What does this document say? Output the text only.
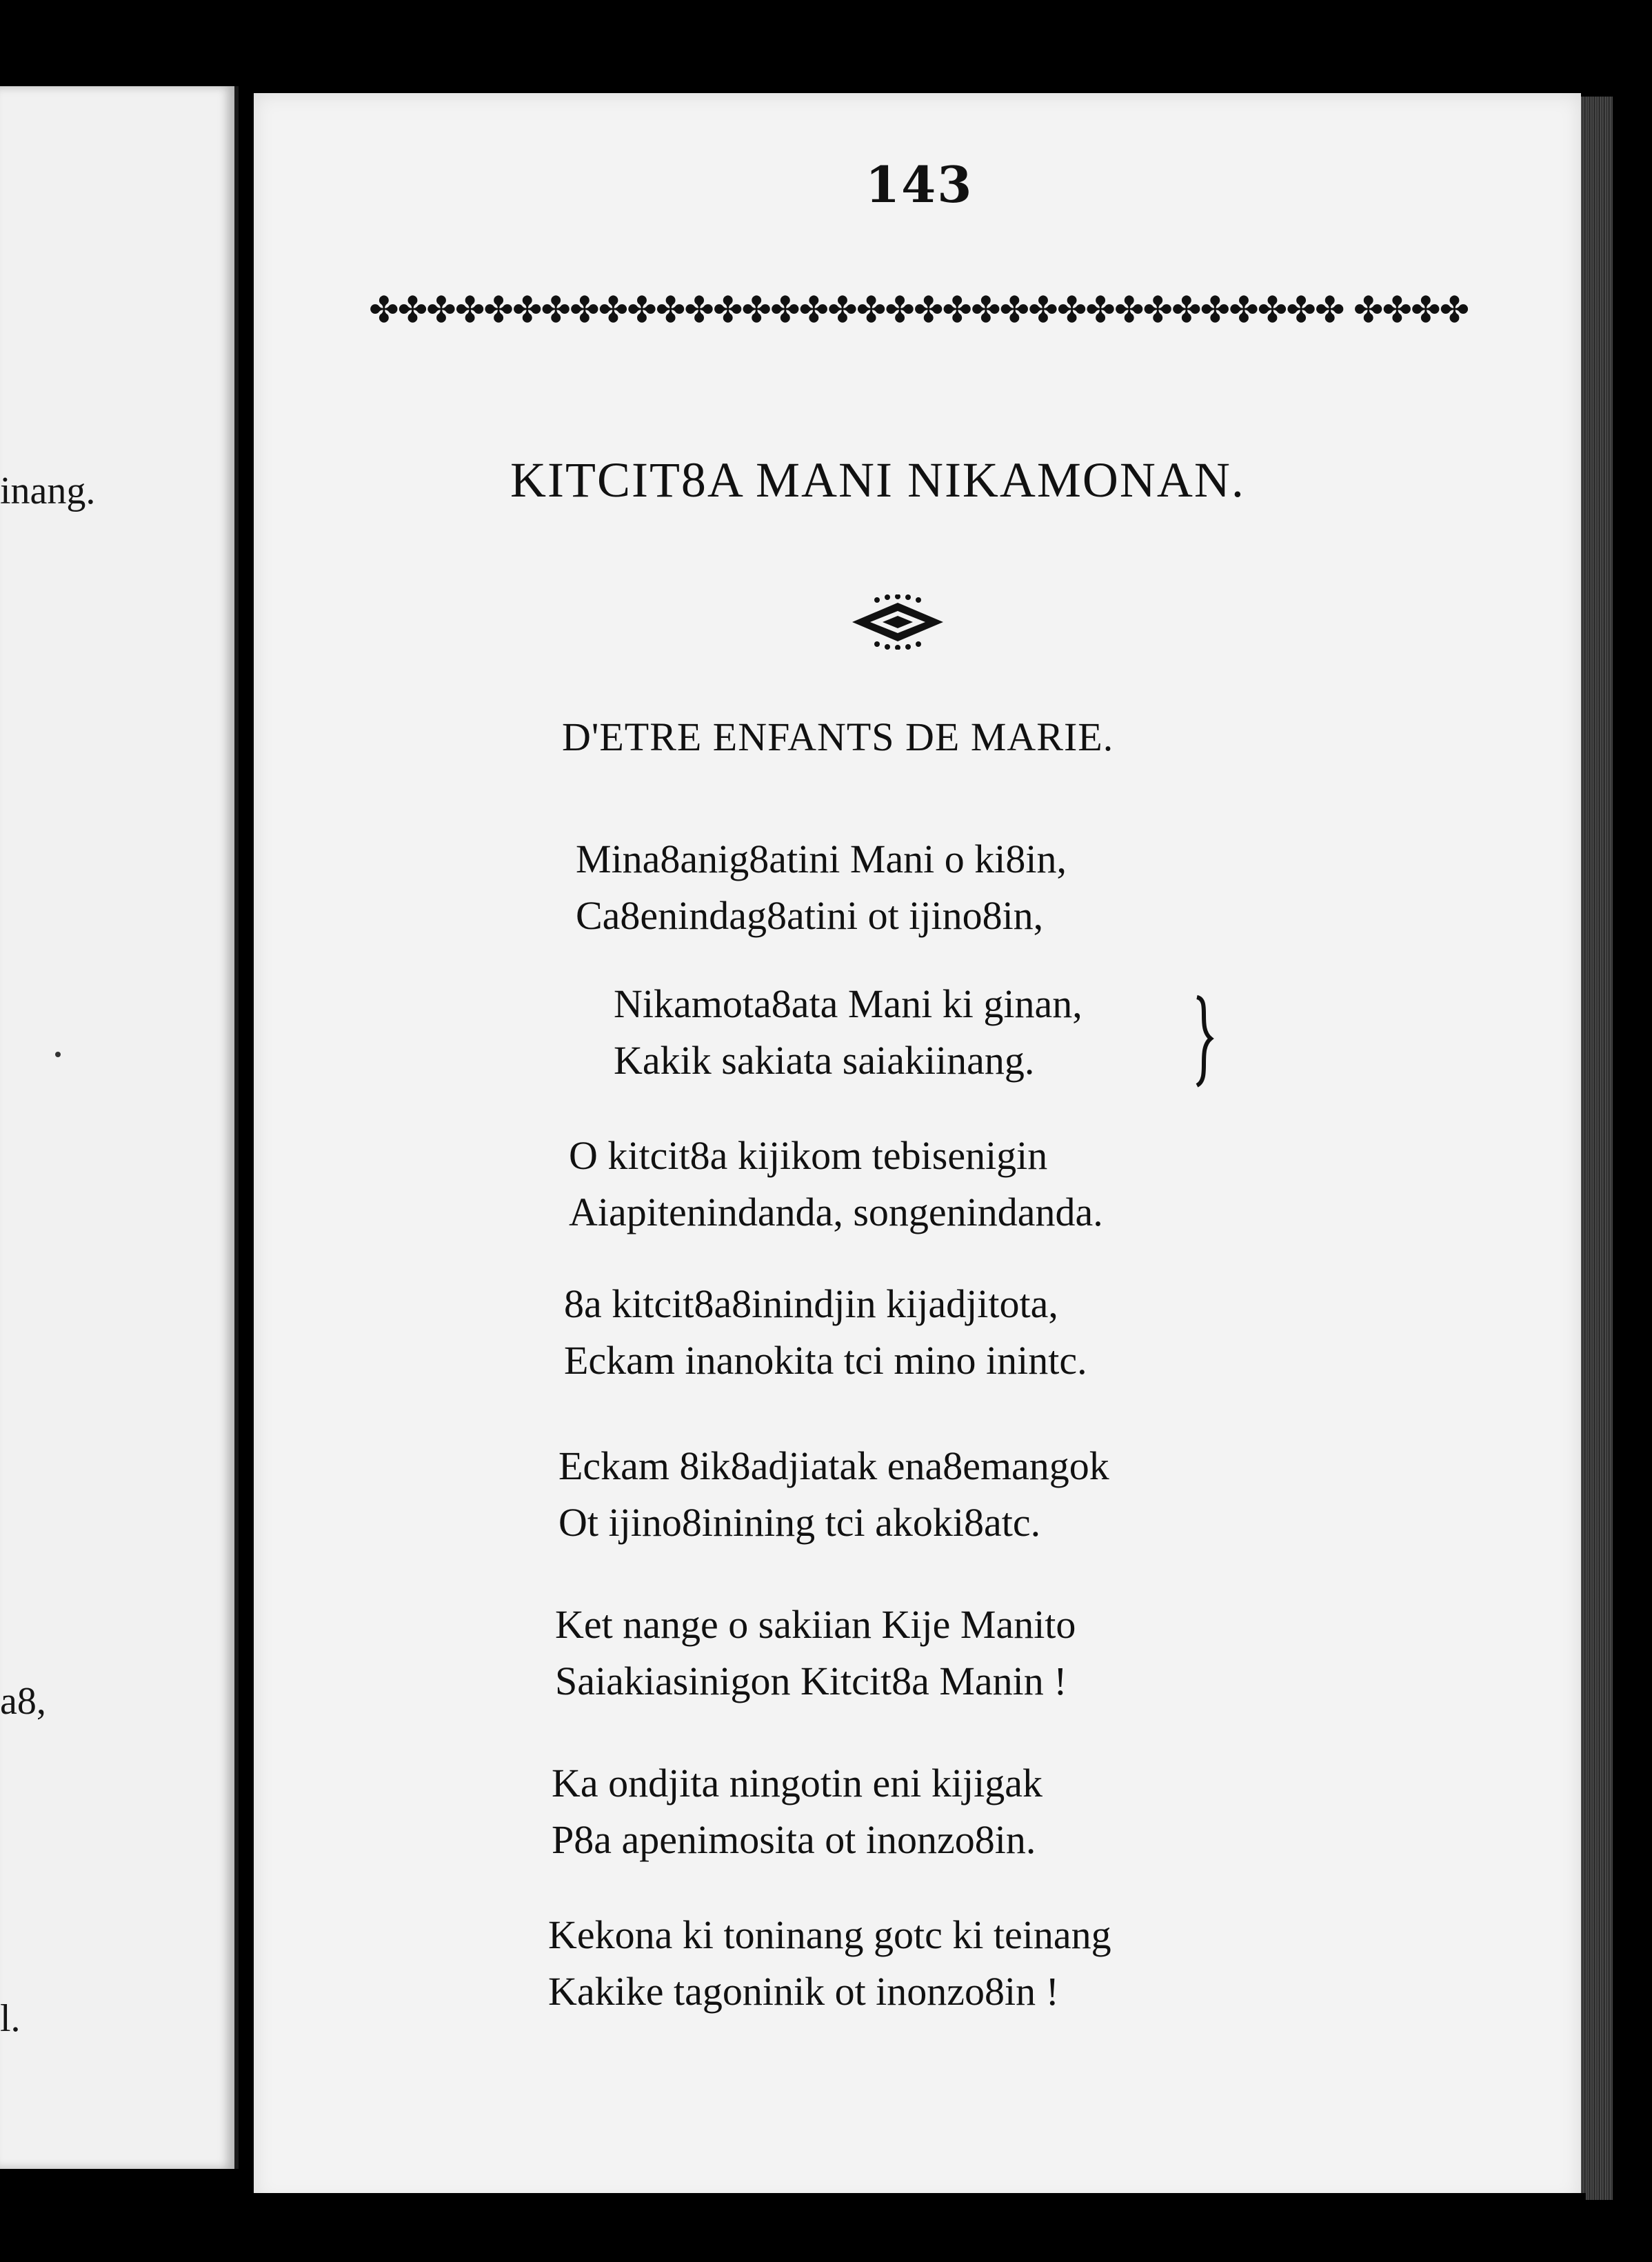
inang.
a8,
l.
143
✤✤✤✤✤✤✤✤✤✤✤✤✤✤✤✤✤✤✤✤✤✤✤✤✤✤✤✤✤✤✤✤✤✤ ✤✤✤✤
KITCIT8A MANI NIKAMONAN.
D'ETRE ENFANTS DE MARIE.
Mina8anig8atini Mani o ki8in,
Ca8enindag8atini ot ijino8in,
Nikamota8ata Mani ki ginan,
Kakik sakiata saiakiinang.
O kitcit8a kijikom tebisenigin
Aiapitenindanda, songenindanda.
8a kitcit8a8inindjin kijadjitota,
Eckam inanokita tci mino inintc.
Eckam 8ik8adjiatak ena8emangok
Ot ijino8inining tci akoki8atc.
Ket nange o sakiian Kije Manito
Saiakiasinigon Kitcit8a Manin !
Ka ondjita ningotin eni kijigak
P8a apenimosita ot inonzo8in.
Kekona ki toninang gotc ki teinang
Kakike tagoninik ot inonzo8in !
